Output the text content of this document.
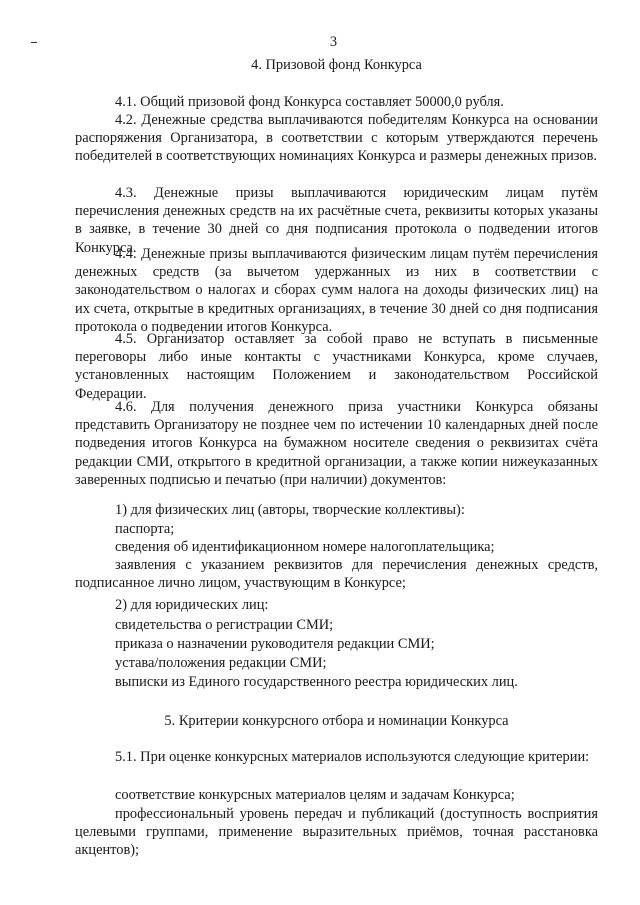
3
4. Призовой фонд Конкурса

4.1. Общий призовой фонд Конкурса составляет 50000,0 рубля.

4.2. Денежные средства выплачиваются победителям Конкурса на основании распоряжения Организатора, в соответствии с которым утверждаются перечень победителей в соответствующих номинациях Конкурса и размеры денежных призов.

4.3. Денежные призы выплачиваются юридическим лицам путём перечисления денежных средств на их расчётные счета, реквизиты которых указаны в заявке, в течение 30 дней со дня подписания протокола о подведении итогов Конкурса.

4.4. Денежные призы выплачиваются физическим лицам путём перечисления денежных средств (за вычетом удержанных из них в соответствии с законодательством о налогах и сборах сумм налога на доходы физических лиц) на их счета, открытые в кредитных организациях, в течение 30 дней со дня подписания протокола о подведении итогов Конкурса.

4.5. Организатор оставляет за собой право не вступать в письменные переговоры либо иные контакты с участниками Конкурса, кроме случаев, установленных настоящим Положением и законодательством Российской Федерации.

4.6. Для получения денежного приза участники Конкурса обязаны представить Организатору не позднее чем по истечении 10 календарных дней после подведения итогов Конкурса на бумажном носителе сведения о реквизитах счёта редакции СМИ, открытого в кредитной организации, а также копии нижеуказанных заверенных подписью и печатью (при наличии) документов:

1) для физических лиц (авторы, творческие коллективы):

паспорта;

сведения об идентификационном номере налогоплательщика;

заявления с указанием реквизитов для перечисления денежных средств, подписанное лично лицом, участвующим в Конкурсе;

2) для юридических лиц:

свидетельства о регистрации СМИ;

приказа о назначении руководителя редакции СМИ;

устава/положения редакции СМИ;

выписки из Единого государственного реестра юридических лиц.

5. Критерии конкурсного отбора и номинации Конкурса

5.1. При оценке конкурсных материалов используются следующие критерии:

соответствие конкурсных материалов целям и задачам Конкурса;

профессиональный уровень передач и публикаций (доступность восприятия целевыми группами, применение выразительных приёмов, точная расстановка акцентов);
